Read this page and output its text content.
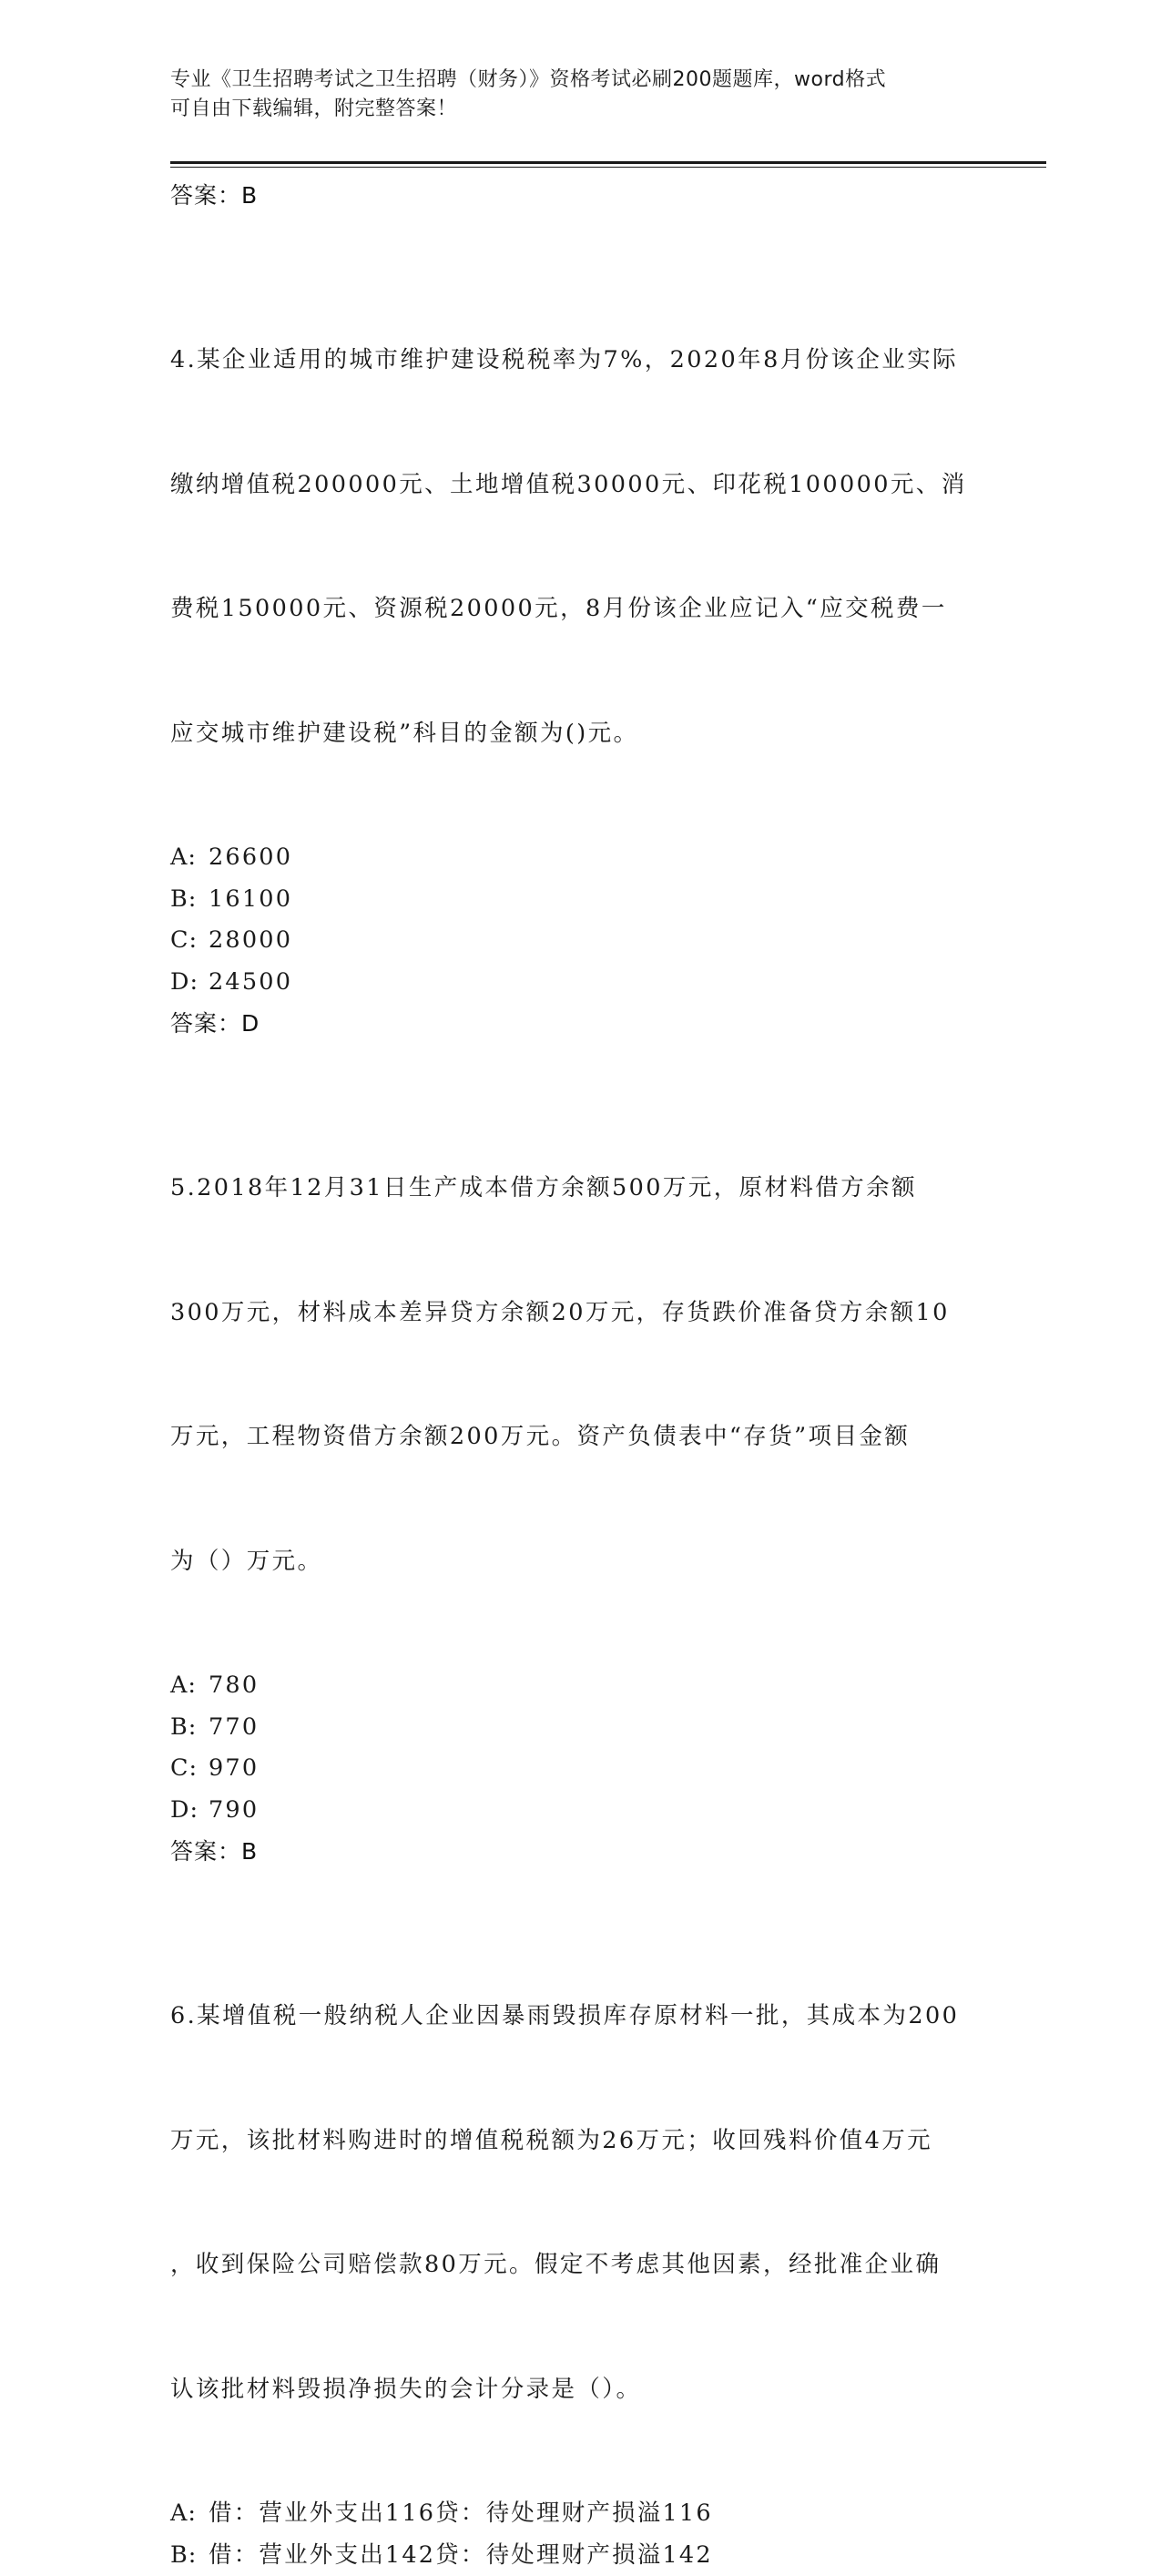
专业《卫生招聘考试之卫生招聘（财务）》资格考试必刷200题题库，word格式
可自由下载编辑，附完整答案！
答案：B

4.某企业适用的城市维护建设税税率为7%，2020年8月份该企业实际

缴纳增值税200000元、土地增值税30000元、印花税100000元、消

费税150000元、资源税20000元，8月份该企业应记入“应交税费一

应交城市维护建设税”科目的金额为()元。

A: 26600
B: 16100
C: 28000
D: 24500
答案：D

5.2018年12月31日生产成本借方余额500万元，原材料借方余额

300万元，材料成本差异贷方余额20万元，存货跌价准备贷方余额10

万元，工程物资借方余额200万元。资产负债表中“存货”项目金额

为（）万元。

A: 780
B: 770
C: 970
D: 790
答案：B

6.某增值税一般纳税人企业因暴雨毁损库存原材料一批，其成本为200

万元，该批材料购进时的增值税税额为26万元；收回残料价值4万元

，收到保险公司赔偿款80万元。假定不考虑其他因素，经批准企业确

认该批材料毁损净损失的会计分录是（）。

A: 借：营业外支出116贷：待处理财产损溢116
B: 借：营业外支出142贷：待处理财产损溢142
